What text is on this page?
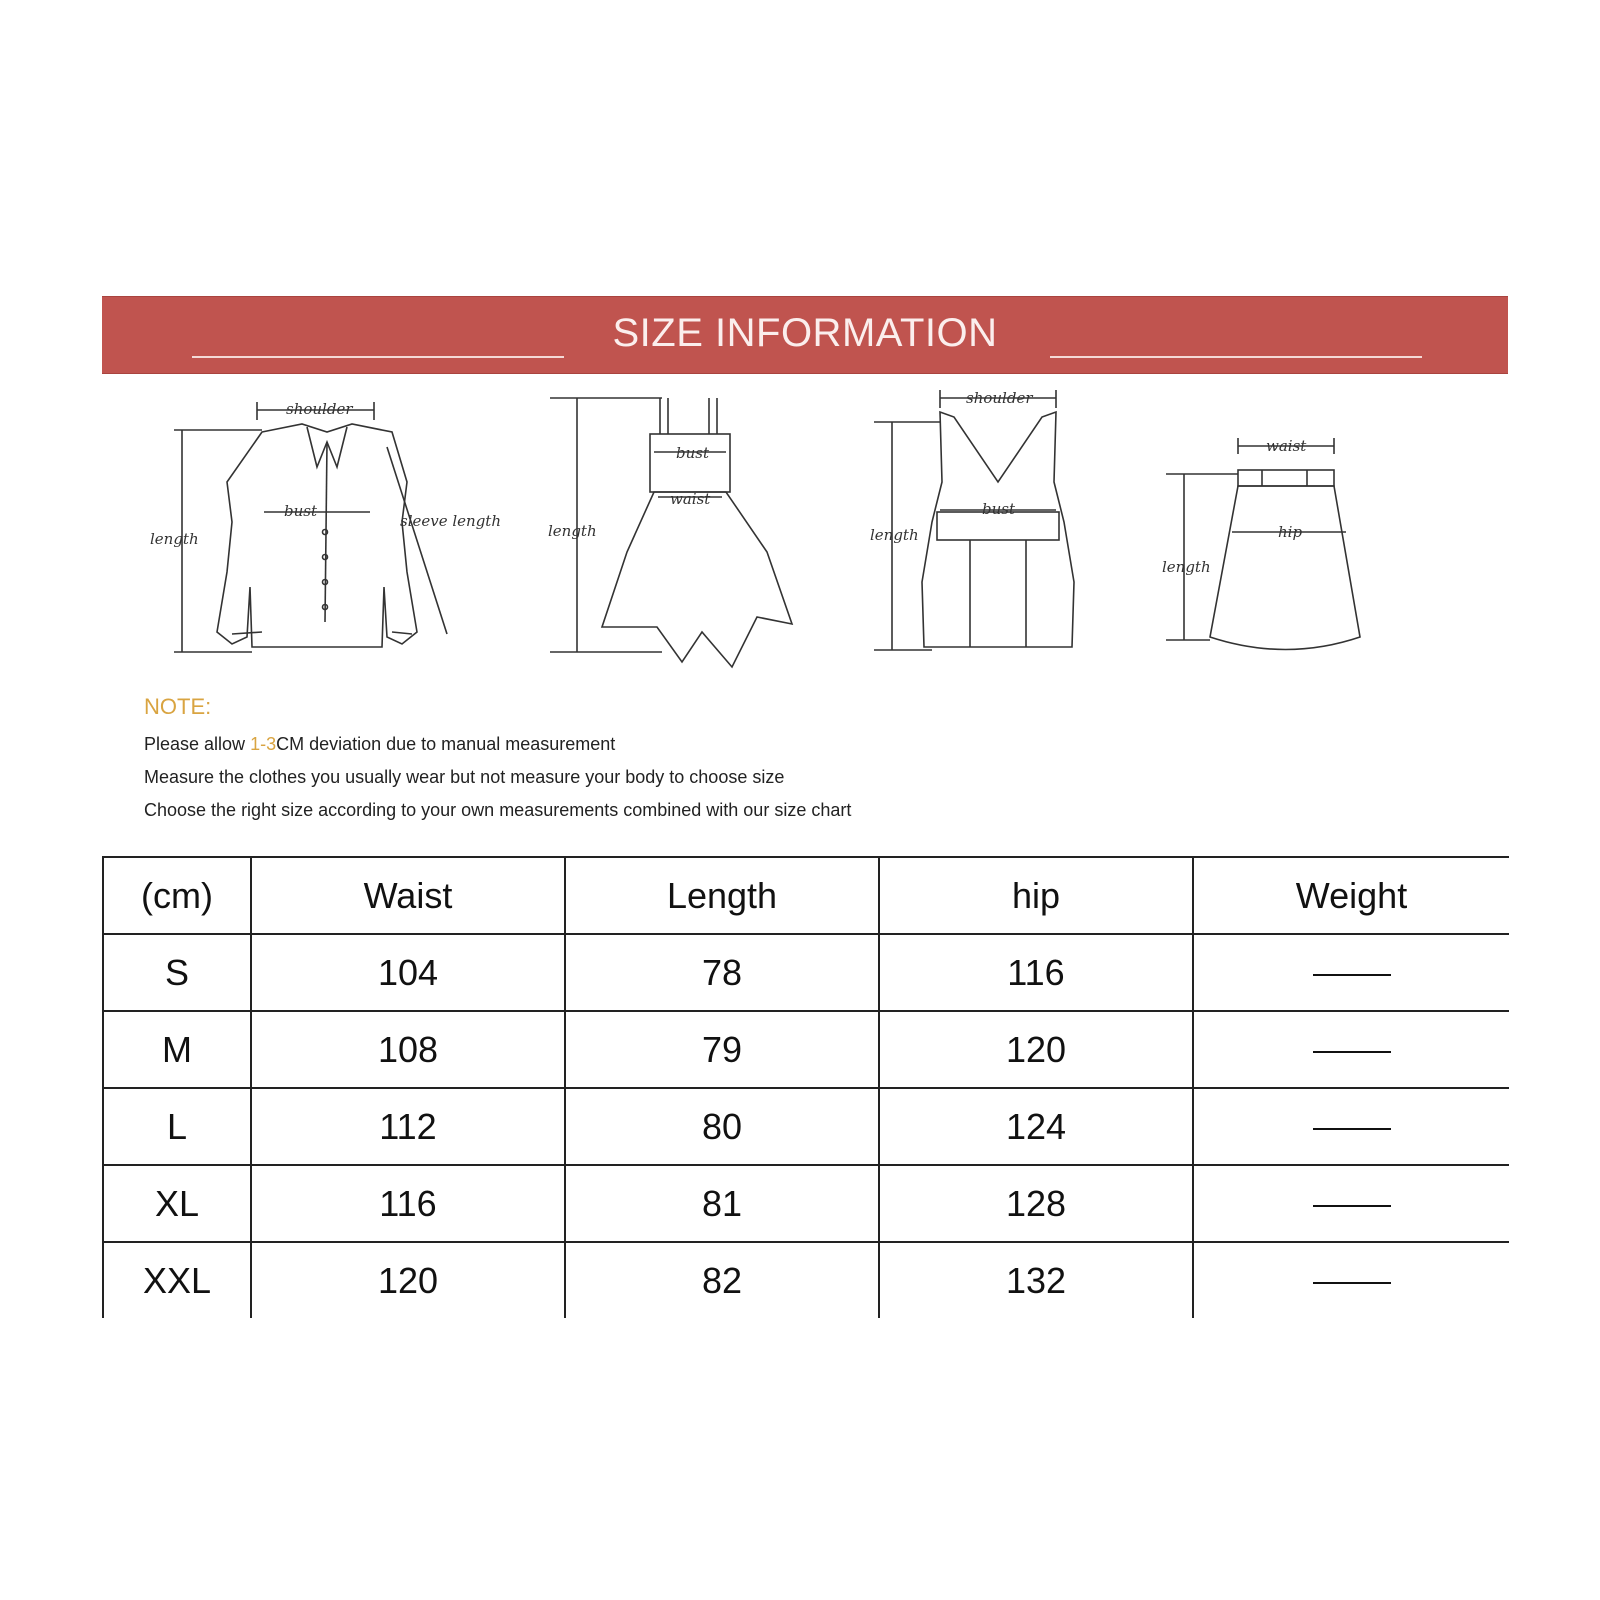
SIZE INFORMATION
shoulder
bust
length
sleeve length
bust
waist
length
shoulder
bust
length
waist
hip
length
NOTE:
Please allow 1-3CM deviation due to manual measurement
Measure the clothes you usually wear but not measure your body to choose size
Choose the right size according to your own measurements combined with our size chart
(cm)	Waist	Length	hip	Weight
S	104	78	116	
M	108	79	120	
L	112	80	124	
XL	116	81	128	
XXL	120	82	132	
